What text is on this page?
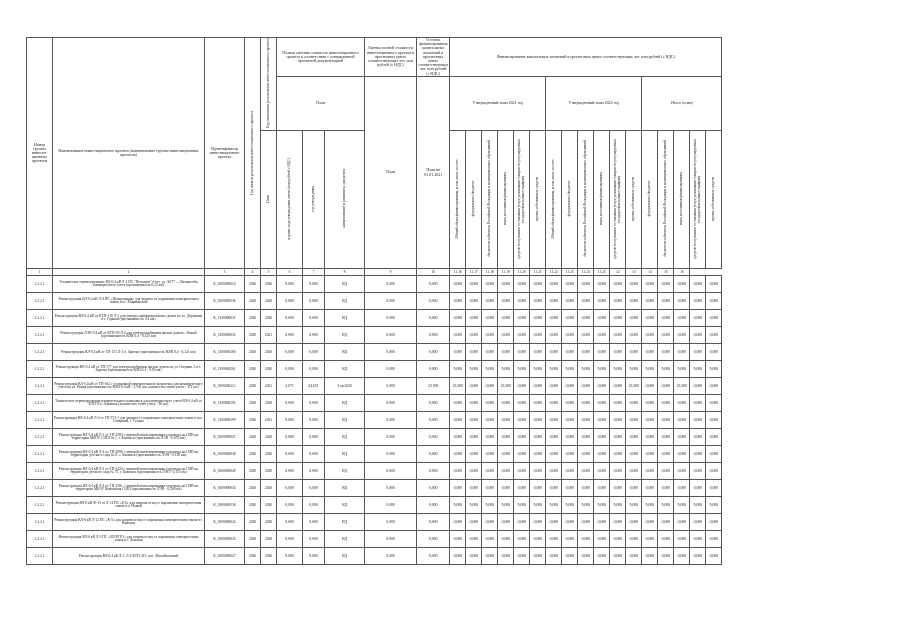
Номер группы инвести-ционных проектов	Наименование инвестиционного проекта (наименование группы инвестиционных проектов)	Идентификатор инвестиционного проекта	Год начала реализации инвестиционного проекта	Год окончания реализации инвестиционного проекта	Полная сметная стоимость инвестиционного проекта в соответствии с утвержденной проектной документацией			Оценка полной стоимости инвестиционного проекта в прогнозных ценах соответствующих лет, млн рублей (с НДС)	Остаток финансирования капитальных вложений в прогнозных ценах соответствующих лет, млн рублей (с НДС)	Финансирование капитальных вложений в прогнозных ценах соответствующих лет, млн рублей (с НДС)																
					План			План	План на 01.01.2021	Утвержденный план 2021 год						Утвержденный план 2022 год						Итого (план)				
				План	в ценах года утверждения сметы (млн рублей с НДС)	год утверждения	наименование и реквизиты документа			Общий объем финансирования, в том числе за счет:	федерального бюджета	бюджетов субъектов Российской Федерации и муниципальных образований	иных источников финансирования	средств, полученных от оказания услуг, реализации товаров по регулируемым государством ценам (тарифам)	прочих собственных средств	Общий объем финансирования, в том числе за счет:	федерального бюджета	бюджетов субъектов Российской Федерации и муниципальных образований	иных источников финансирования	средств, полученных от оказания услуг, реализации товаров по регулируемым государством ценам (тарифам)	прочих собственных средств	федерального бюджета	бюджетов субъектов Российской Федерации и муниципальных образований	иных источников финансирования	средств, полученных от оказания услуг, реализации товаров по регулируемым государством ценам (тарифам)	прочих собственных средств
1	2	3	4	5	6	7	8	9	10	11.16	11.17	11.18	11.19	11.20	11.21	11.22	11.23	11.24	11.25	12	13	14	15	16		
1.2.2.1	Техническое перевооружение ВЛ-0,4 кВ Л-1 ПС "Песчаное" в пгт. ул. 30/77 — Взаимообм коммерческого учета (протяженность 0,23 км)	К_0300000610	2020	2020	0,000	0,000	НД	0,000	0,000	0,000	0,000	0,000	0,000	0,000	0,000	0,000	0,000	0,000	0,000	0,000	0,000	0,000	0,000	0,000	0,000	0,000
1.2.2.1	Реконструкция ВЛ-0,4 кВ Л-4 ПС «Центральная» для защиты от поражения электрическим током, пос. Мирнинский	К_0300000536	2020	2020	0,000	0,000	НД	0,000	0,000	0,000	0,000	0,000	0,000	0,000	0,000	0,000	0,000	0,000	0,000	0,000	0,000	0,000	0,000	0,000	0,000	0,000
1.2.2.1	Реконструкция ВЛ-0,4 кВ от КТП-310 Л-1 для электроснабжения жилых домов по ул. Дорожная в г. Горный (протяженность 0,4 км)	К_1300000631	2020	2020	0,000	0,000	НД	0,000	0,000	0,000	0,000	0,000	0,000	0,000	0,000	0,000	0,000	0,000	0,000	0,000	0,000	0,000	0,000	0,000	0,000	0,000
1.2.2.1	Реконструкция ЛЭП-0,4 кВ от КТП-50 Л-2 для электроснабжения жилых домов г. Ясный (протяженность ВЛИ 0,4 - 0,325 км)	К_1300000631	2020	2021	0,000	0,000	НД	0,000	0,000	0,000	0,000	0,000	0,000	0,000	0,000	0,000	0,000	0,000	0,000	0,000	0,000	0,000	0,000	0,000	0,000	0,000
1.2.2.1	Реконструкция ВЛ-0,4 кВ от ТП-151 Л-1 п. Заречье (протяженность ВЛИ 0,4 - 0,121 км)	К_1300000260	2020	2020	0,000	0,000	НД	0,000	0,000	0,000	0,000	0,000	0,000	0,000	0,000	0,000	0,000	0,000	0,000	0,000	0,000	0,000	0,000	0,000	0,000	0,000
1.2.2.1	Реконструкция ВЛ-0,4 кВ от ТП-177 для электроснабжения жилых домов по ул. Озерная, 5 в г. Заречье (протяженность ВЛИ 0,4 - 0,50 км)	К_1300000261	2020	2020	0,000	0,000	НД	0,000	0,000	0,000	0,000	0,000	0,000	0,000	0,000	0,000	0,000	0,000	0,000	0,000	0,000	0,000	0,000	0,000	0,000	0,000
1.2.2.1	Реконструкция ВЛ-0,4 кВ от ТП-562 с установкой измерительного комплекса для коммерческого учета на ул. Новая (протяженность ВЛИ-0,4 кВ - 3,541 км, количество точек учета - 372 шт)	К_1000000212	2020	2021	2,071	24,651	3 кв 2020	0,000	23,500	23,500	0,000	0,000	23,500	0,000	0,000	0,000	0,000	0,000	0,000	0,000	23,500	0,000	0,000	23,500	0,000	0,000
1.2.2.1	Техническое перевооружение измерительного комплекса для коммерческого учета ВЛ-0,4 кВ от КТП-93 г. Каменск (количество точек учета - 38 шт)	К_1300000292	2020	2020	0,000	0,000	НД	0,000	0,000	0,000	0,000	0,000	0,000	0,000	0,000	0,000	0,000	0,000	0,000	0,000	0,000	0,000	0,000	0,000	0,000	0,000
1.2.2.1	Реконструкция ВЛ-0,4 кВ Л-2 от ТП-573-1 для защиты от поражения электрическим током в пос. Северный, г. Гусино	К_1300000299	2020	2021	0,000	0,000	НД	0,000	0,000	0,000	0,000	0,000	0,000	0,000	0,000	0,000	0,000	0,000	0,000	0,000	0,000	0,000	0,000	0,000	0,000	0,000
1.2.2.1	Реконструкция ВЛ-0,4 кВ Л-1 от ТП-2583 с заменой неизолированного провода на СИП на территории МБОУ СОШ № 1, г. Каменск (протяженность ЛЭП - 0,670 км)	К_0300000847	2020	2020	0,000	0,000	НД	0,000	0,000	0,000	0,000	0,000	0,000	0,000	0,000	0,000	0,000	0,000	0,000	0,000	0,000	0,000	0,000	0,000	0,000	0,000
1.2.2.1	Реконструкция ВЛ-0,4 кВ Л-4 от ТП-2096 с заменой неизолированного провода на СИП на территории детского сада №11, г. Каменск (протяженность ЛЭП - 0,150 км)	К_0300000848	2020	2020	0,000	0,000	НД	0,000	0,000	0,000	0,000	0,000	0,000	0,000	0,000	0,000	0,000	0,000	0,000	0,000	0,000	0,000	0,000	0,000	0,000	0,000
1.2.2.1	Реконструкция ВЛ-0,4 кВ Л-1 от ТП-2224 с заменой неизолированного провода на СИП на территории детского сада № 75, г. Каменск (протяженность ЛЭП - 0,115 км)	К_0300000849	2020	2020	0,000	0,000	НД	0,000	0,000	0,000	0,000	0,000	0,000	0,000	0,000	0,000	0,000	0,000	0,000	0,000	0,000	0,000	0,000	0,000	0,000	0,000
1.2.2.1	Реконструкция ВЛ-0,4 кВ Л-4 от ТП-2301 с заменой неизолированного провода на СИП на территории МБОУ Каменская СОШ (протяженность ЛЭП - 0,200 км)	К_1000000934	2020	2020	0,000	0,000	НД	0,000	0,000	0,000	0,000	0,000	0,000	0,000	0,000	0,000	0,000	0,000	0,000	0,000	0,000	0,000	0,000	0,000	0,000	0,000
1.2.2.1	Реконструкция ВЛ-6 кВ Ф-13 от Л-14 ПС «Б-6» для защиты птиц от поражения электрическим током в п. Новый	К_0300000536	2020	2020	0,000	0,000	НД	0,000	0,000	0,000	0,000	0,000	0,000	0,000	0,000	0,000	0,000	0,000	0,000	0,000	0,000	0,000	0,000	0,000	0,000	0,000
1.2.2.1	Реконструкция ВЛ-6 кВ Л-12 ПС «К-5» для защиты птиц от поражения электрическим током в г. Каменск	К_0300000624	2020	2020	0,000	0,000	НД	0,000	0,000	0,000	0,000	0,000	0,000	0,000	0,000	0,000	0,000	0,000	0,000	0,000	0,000	0,000	0,000	0,000	0,000	0,000
1.2.2.1	Реконструкция ВЛ-6 кВ Л-3 ПС «ЗОЛОТО» для защиты птиц от поражения электрическим током в г. Донская	К_0300000625	2020	2020	0,000	0,000	НД	0,000	0,000	0,000	0,000	0,000	0,000	0,000	0,000	0,000	0,000	0,000	0,000	0,000	0,000	0,000	0,000	0,000	0,000	0,000
1.2.2.1	Реконструкция ВЛ-0,4 кВ Л-1, Л-2 КТП-413, пос. Михайловский	К_0300000627	2020	2020	0,000	0,000	НД	0,000	0,000	0,000	0,000	0,000	0,000	0,000	0,000	0,000	0,000	0,000	0,000	0,000	0,000	0,000	0,000	0,000	0,000	0,000
